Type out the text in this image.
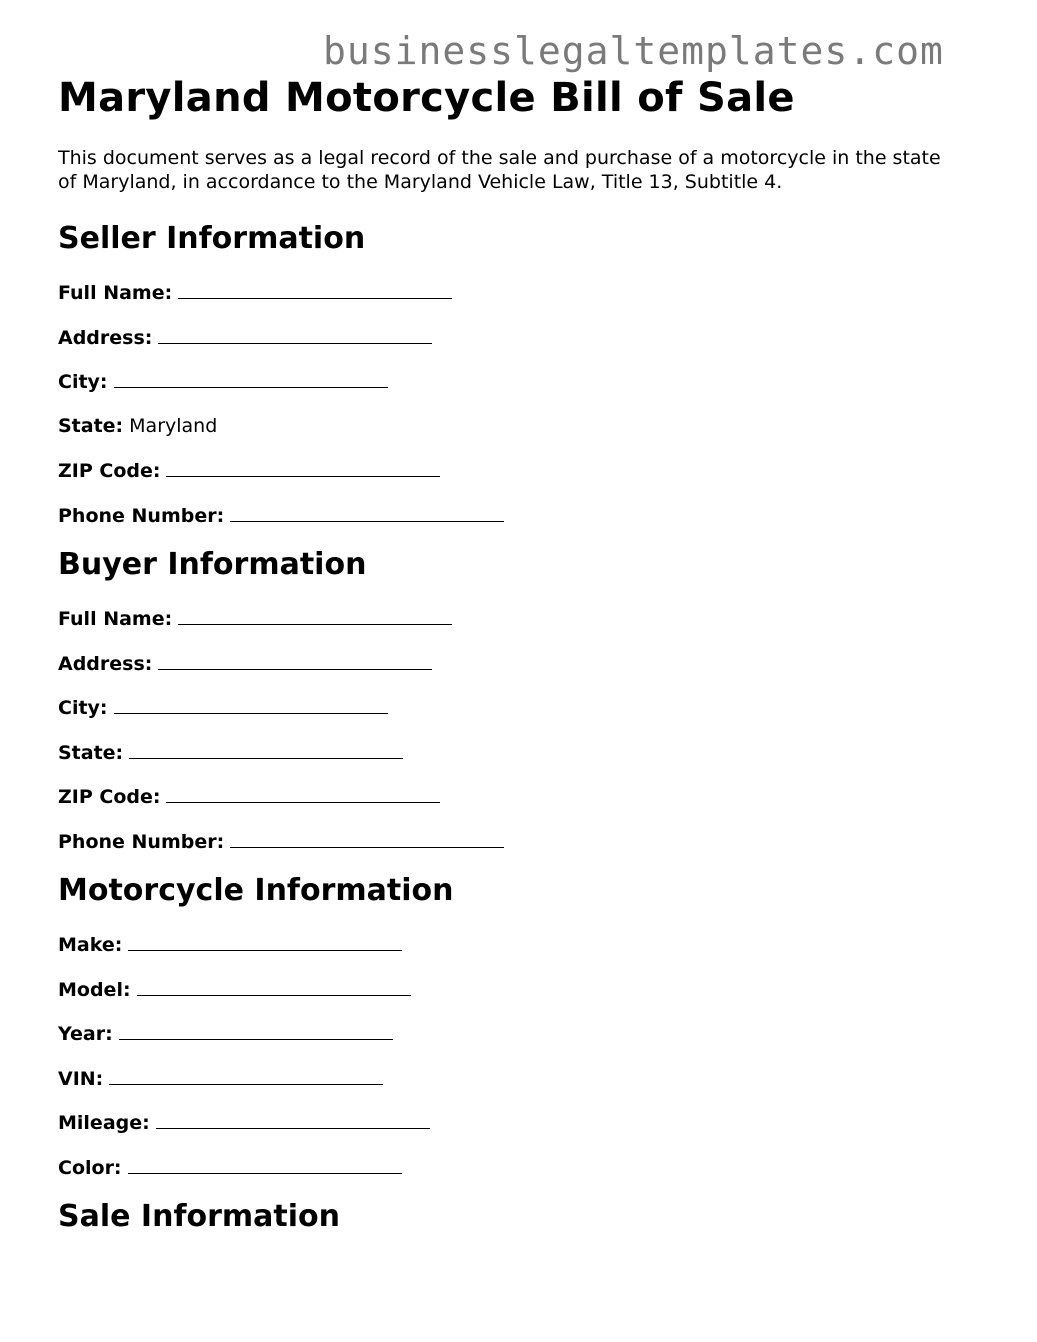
businesslegaltemplates.com
Maryland Motorcycle Bill of Sale

This document serves as a legal record of the sale and purchase of a motorcycle in the state of Maryland, in accordance to the Maryland Vehicle Law, Title 13, Subtitle 4.

Seller Information
Full Name:
Address:
City:
State: Maryland
ZIP Code:
Phone Number:
Buyer Information
Full Name:
Address:
City:
State:
ZIP Code:
Phone Number:
Motorcycle Information
Make:
Model:
Year:
VIN:
Mileage:
Color:
Sale Information
